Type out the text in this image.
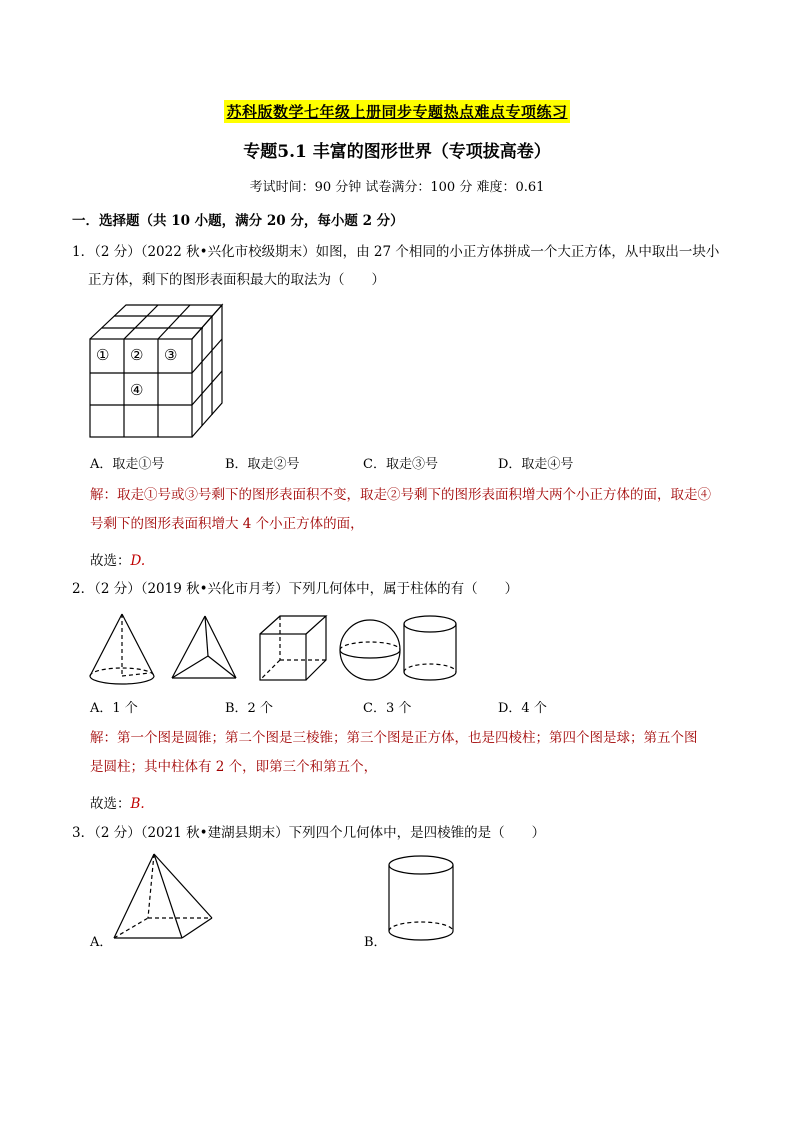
苏科版数学七年级上册同步专题热点难点专项练习
专题5.1 丰富的图形世界（专项拔高卷）
考试时间：90 分钟 试卷满分：100 分 难度：0.61
一．选择题（共 10 小题，满分 20 分，每小题 2 分）
1．（2 分）（2022 秋•兴化市校级期末）如图，由 27 个相同的小正方体拼成一个大正方体，从中取出一块小
正方体，剩下的图形表面积最大的取法为（　　）
① ② ③
④
A．取走①号	B．取走②号	C．取走③号	D．取走④号
解：取走①号或③号剩下的图形表面积不变，取走②号剩下的图形表面积增大两个小正方体的面，取走④
号剩下的图形表面积增大 4 个小正方体的面，
故选：D.
2．（2 分）（2019 秋•兴化市月考）下列几何体中，属于柱体的有（　　）
A．1 个	B．2 个	C．3 个	D．4 个
解：第一个图是圆锥；第二个图是三棱锥；第三个图是正方体，也是四棱柱；第四个图是球；第五个图
是圆柱；其中柱体有 2 个，即第三个和第五个，
故选：B.
3．（2 分）（2021 秋•建湖县期末）下列四个几何体中，是四棱锥的是（　　）
A．	B．
